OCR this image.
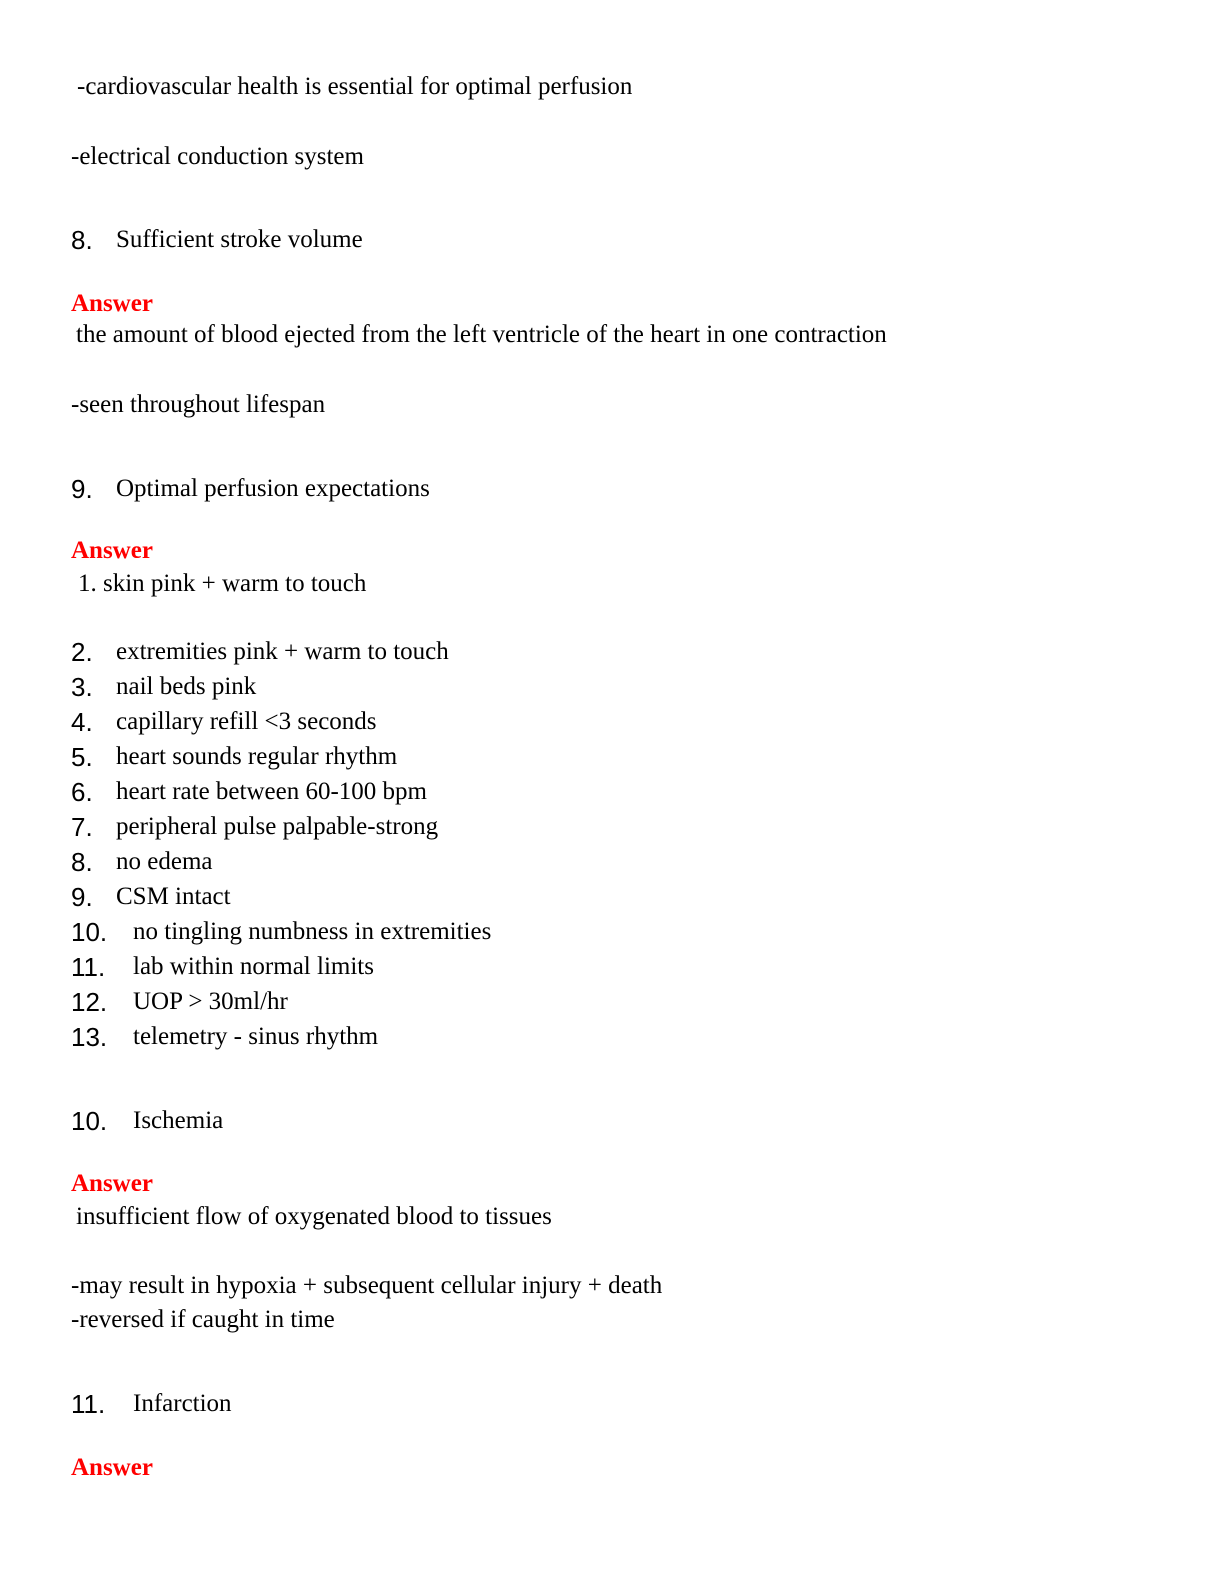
-cardiovascular health is essential for optimal perfusion
-electrical conduction system
8. Sufficient stroke volume
Answer
the amount of blood ejected from the left ventricle of the heart in one contraction
-seen throughout lifespan
9. Optimal perfusion expectations
Answer
1. skin pink + warm to touch
2. extremities pink + warm to touch
3. nail beds pink
4. capillary refill <3 seconds
5. heart sounds regular rhythm
6. heart rate between 60-100 bpm
7. peripheral pulse palpable-strong
8. no edema
9. CSM intact
10. no tingling numbness in extremities
11. lab within normal limits
12. UOP > 30ml/hr
13. telemetry - sinus rhythm
10. Ischemia
Answer
insufficient flow of oxygenated blood to tissues
-may result in hypoxia + subsequent cellular injury + death
-reversed if caught in time
11. Infarction
Answer
